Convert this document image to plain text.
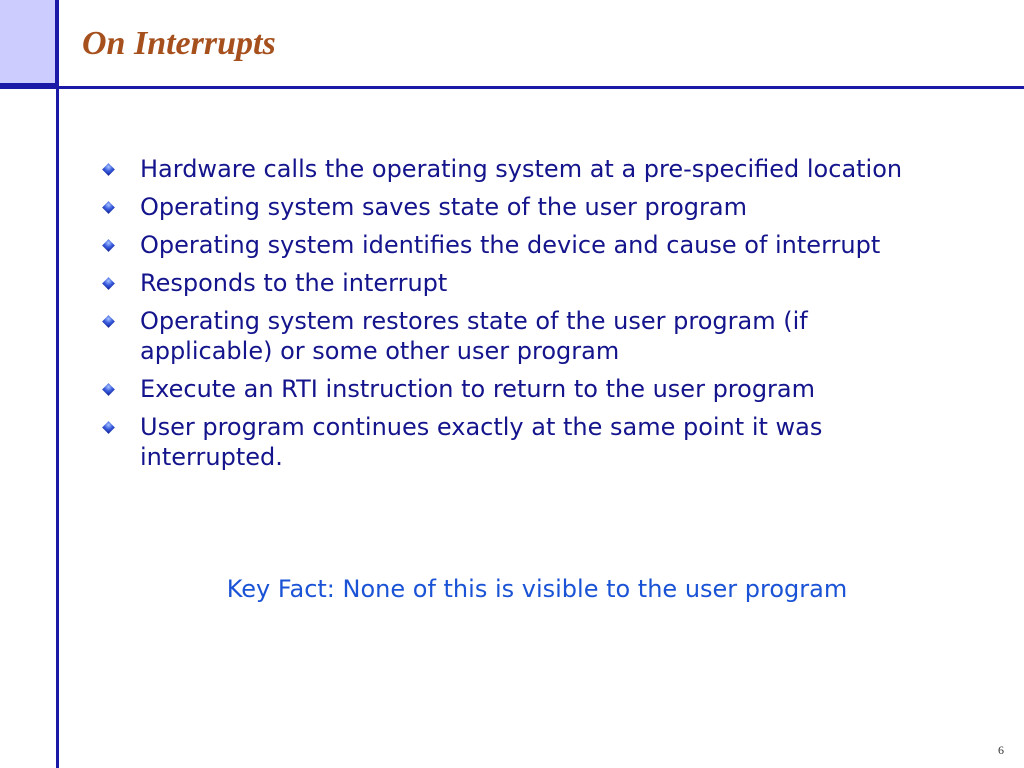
On Interrupts
Hardware calls the operating system at a pre-specified location
Operating system saves state of the user program
Operating system identifies the device and cause of interrupt
Responds to the interrupt
Operating system restores state of the user program (if applicable) or some other user program
Execute an RTI instruction to return to the user program
User program continues exactly at the same point it was interrupted.

Key Fact: None of this is visible to the user program

6
